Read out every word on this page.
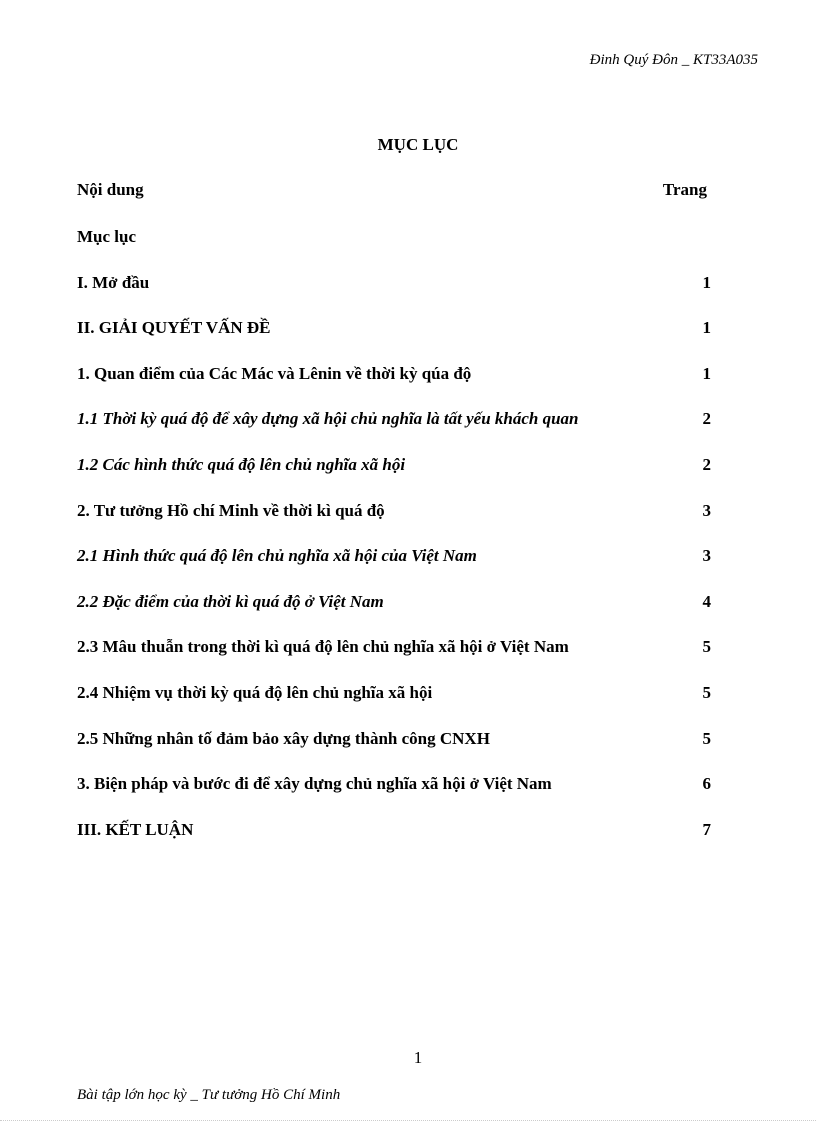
Đinh Quý Đôn _ KT33A035
MỤC LỤC
Nội dung	Trang
Mục lục
I. Mở đầu	1
II. GIẢI QUYẾT VẤN ĐỀ	1
1. Quan điểm của Các Mác và Lênin về thời kỳ qúa độ	1
1.1 Thời kỳ quá độ để xây dựng xã hội chủ nghĩa là tất yếu khách quan	2
1.2 Các hình thức quá độ lên chủ nghĩa xã hội	2
2. Tư tưởng Hồ chí Minh về thời kì quá độ	3
2.1 Hình thức quá độ lên chủ nghĩa xã hội của Việt Nam	3
2.2 Đặc điểm của thời kì quá độ ở Việt Nam	4
2.3 Mâu thuẫn trong thời kì quá độ lên chủ nghĩa xã hội ở Việt Nam	5
2.4 Nhiệm vụ thời kỳ quá độ lên chủ nghĩa xã hội	5
2.5 Những nhân tố đảm bảo xây dựng thành công CNXH	5
3. Biện pháp và bước đi để xây dựng chủ nghĩa xã hội ở Việt Nam	6
III. KẾT LUẬN	7
1
Bài tập lớn học kỳ _ Tư tưởng Hồ Chí Minh
